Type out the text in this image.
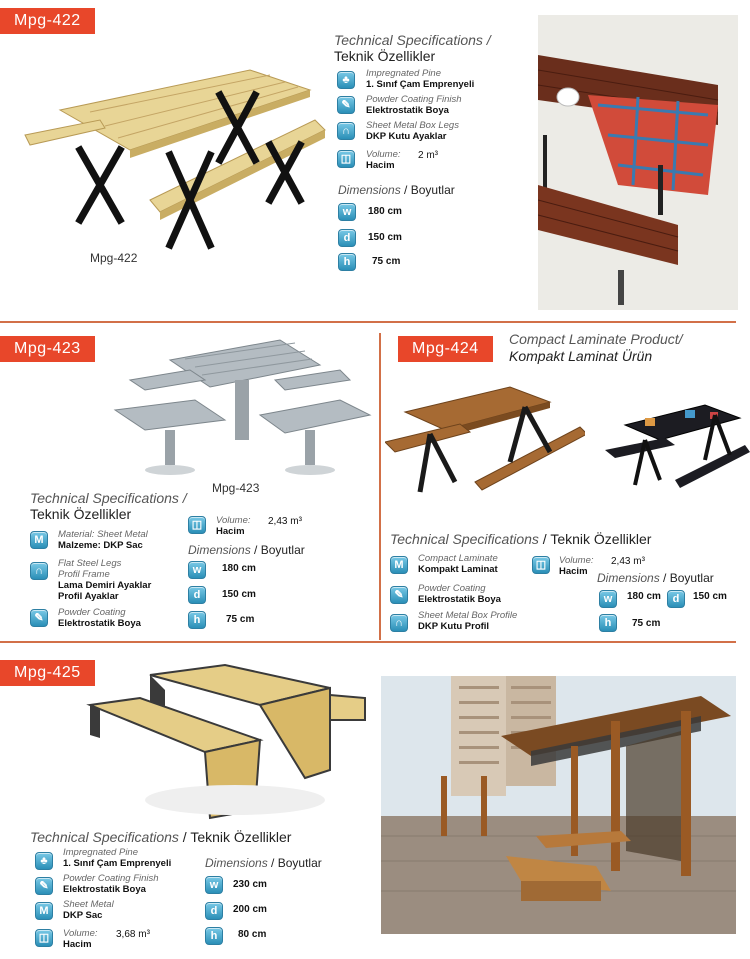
Mpg-422
Mpg-422
Technical Specifications /
Teknik Özellikler
♣
Impregnated Pine
1. Sınıf Çam Emprenyeli
✎	Powder Coating Finish
Elektrostatik Boya
∩	Sheet Metal Box Legs
DKP Kutu Ayaklar
◫	Volume:
Hacim
2 m³
Dimensions / Boyutlar
w	180 cm
d	150 cm
h	75 cm
Mpg-423
Mpg-423
Technical Specifications /
Teknik Özellikler
M	Material: Sheet Metal
Malzeme: DKP Sac
∩
Flat Steel Legs
Profil Frame
Lama Demiri Ayaklar
Profil Ayaklar
✎	Powder Coating
Elektrostatik Boya
◫	Volume:
Hacim
2,43 m³
Dimensions / Boyutlar
w	180 cm
d	150 cm
h	75 cm
Mpg-424
Compact Laminate Product/
Kompakt Laminat Ürün
Technical Specifications / Teknik Özellikler
M
Compact Laminate
Kompakt Laminat
✎
Powder Coating
Elektrostatik Boya
∩
Sheet Metal Box Profile
DKP Kutu Profil
◫	Volume:
Hacim
2,43 m³
Dimensions / Boyutlar
w	180 cm	d	150 cm
h	75 cm
Mpg-425
Technical Specifications / Teknik Özellikler
♣
Impregnated Pine
1. Sınıf Çam Emprenyeli
✎
Powder Coating Finish
Elektrostatik Boya
M
Sheet Metal
DKP Sac
◫	Volume:
Hacim
3,68 m³
Dimensions / Boyutlar
w	230 cm
d	200 cm
h	80 cm
